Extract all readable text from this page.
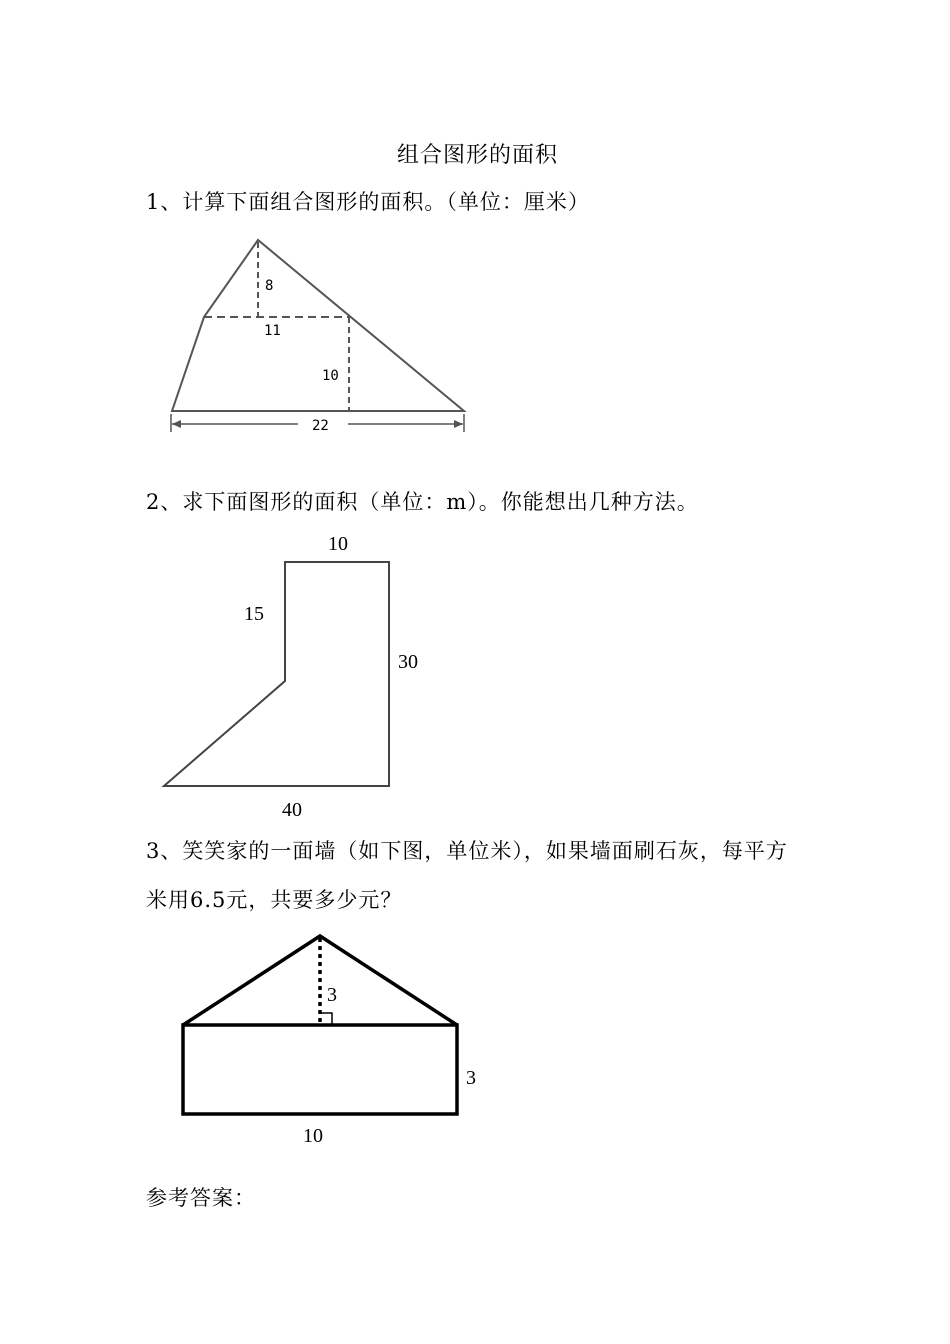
组合图形的面积
1、计算下面组合图形的面积。（单位：厘米）
2、求下面图形的面积（单位：m）。你能想出几种方法。
3、笑笑家的一面墙（如下图，单位米），如果墙面刷石灰，每平方
米用6.5元，共要多少元？
参考答案：
8
11
10
22
10
15
30
40
3
3
10
